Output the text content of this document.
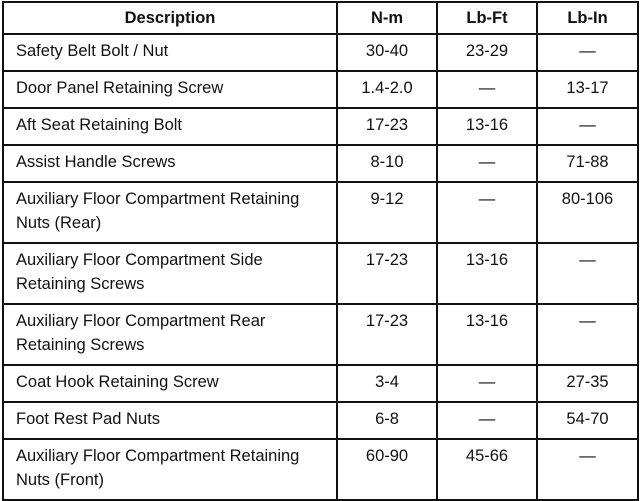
Description	N-m	Lb-Ft	Lb-In
Safety Belt Bolt / Nut	30-40	23-29	—
Door Panel Retaining Screw	1.4-2.0	—	13-17
Aft Seat Retaining Bolt	17-23	13-16	—
Assist Handle Screws	8-10	—	71-88
Auxiliary Floor Compartment Retaining Nuts (Rear)	9-12	—	80-106
Auxiliary Floor Compartment Side Retaining Screws	17-23	13-16	—
Auxiliary Floor Compartment Rear Retaining Screws	17-23	13-16	—
Coat Hook Retaining Screw	3-4	—	27-35
Foot Rest Pad Nuts	6-8	—	54-70
Auxiliary Floor Compartment Retaining Nuts (Front)	60-90	45-66	—
